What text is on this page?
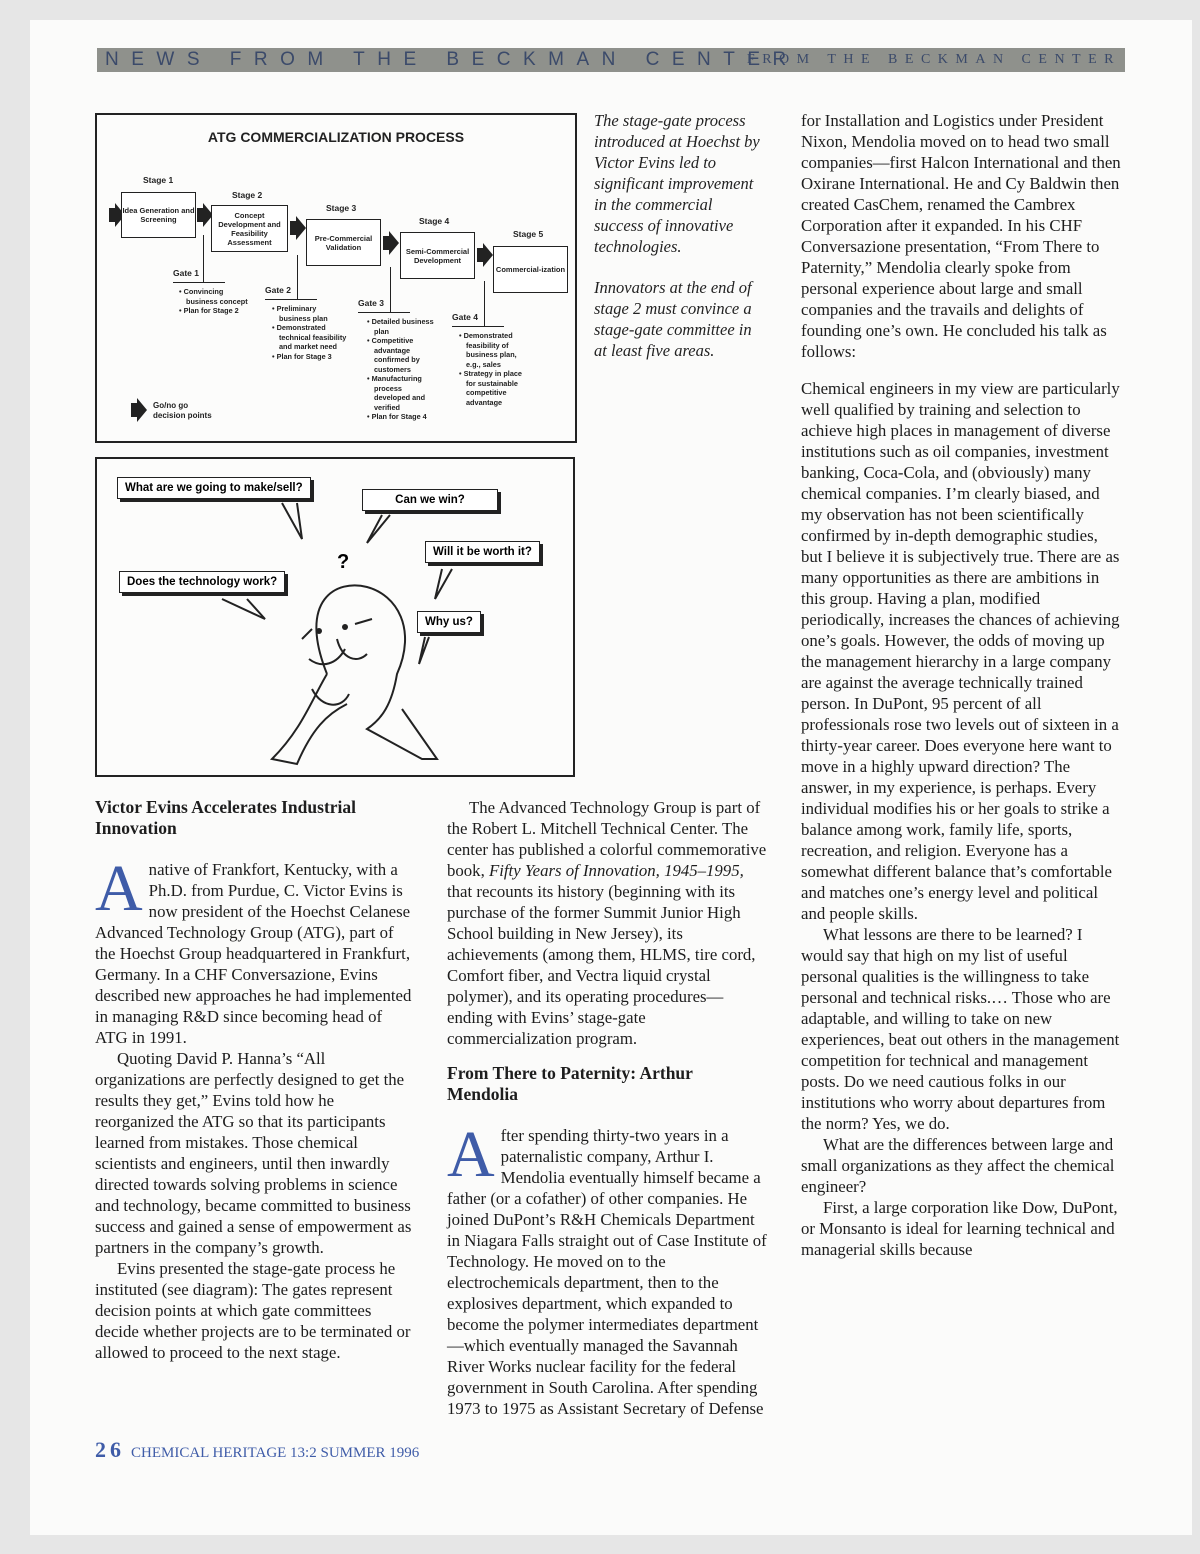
NEWS FROM THE BECKMAN CENTER
FROM THE BECKMAN CENTER
ATG COMMERCIALIZATION PROCESS
Stage 1
Idea Generation and Screening
Stage 2
Concept Development and Feasibility Assessment
Stage 3
Pre-Commercial Validation
Stage 4
Semi-Commercial Development
Stage 5
Commercial-ization
Gate 1
• Convincing business concept
• Plan for Stage 2
Gate 2
• Preliminary business plan
• Demonstrated technical feasibility and market need
• Plan for Stage 3
Gate 3
• Detailed business plan
• Competitive advantage confirmed by customers
• Manufacturing process developed and verified
• Plan for Stage 4
Gate 4
• Demonstrated feasibility of business plan, e.g., sales
• Strategy in place for sustainable competitive advantage
Go/no go decision points
What are we going to make/sell?
Can we win?
Will it be worth it?
Does the technology work?
Why us?
?

The stage-gate process introduced at Hoechst by Victor Evins led to significant improvement in the commercial success of innovative technologies.

Innovators at the end of stage 2 must convince a stage-gate committee in at least five areas.

Victor Evins Accelerates Industrial Innovation

Anative of Frankfort, Kentucky, with a Ph.D. from Purdue, C. Victor Evins is now president of the Hoechst Celanese Advanced Technology Group (ATG), part of the Hoechst Group headquartered in Frankfurt, Germany. In a CHF Conversazione, Evins described new approaches he had implemented in managing R&D since becoming head of ATG in 1991.

Quoting David P. Hanna’s “All organizations are perfectly designed to get the results they get,” Evins told how he reorganized the ATG so that its participants learned from mistakes. Those chemical scientists and engineers, until then inwardly directed towards solving problems in science and technology, became committed to business success and gained a sense of empowerment as partners in the company’s growth.

Evins presented the stage-gate process he instituted (see diagram): The gates represent decision points at which gate committees decide whether projects are to be terminated or allowed to proceed to the next stage.

The Advanced Technology Group is part of the Robert L. Mitchell Technical Center. The center has published a colorful commemorative book, Fifty Years of Innovation, 1945–1995, that recounts its history (beginning with its purchase of the former Summit Junior High School building in New Jersey), its achievements (among them, HLMS, tire cord, Comfort fiber, and Vectra liquid crystal polymer), and its operating procedures—ending with Evins’ stage-gate commercialization program.

From There to Paternity: Arthur Mendolia

After spending thirty-two years in a paternalistic company, Arthur I. Mendolia eventually himself became a father (or a cofather) of other companies. He joined DuPont’s R&H Chemicals Department in Niagara Falls straight out of Case Institute of Technology. He moved on to the electrochemicals department, then to the explosives department, which expanded to become the polymer intermediates department—which eventually managed the Savannah River Works nuclear facility for the federal government in South Carolina. After spending 1973 to 1975 as Assistant Secretary of Defense

for Installation and Logistics under President Nixon, Mendolia moved on to head two small companies—first Halcon International and then Oxirane International. He and Cy Baldwin then created CasChem, renamed the Cambrex Corporation after it expanded. In his CHF Conversazione presentation, “From There to Paternity,” Mendolia clearly spoke from personal experience about large and small companies and the travails and delights of founding one’s own. He concluded his talk as follows:

Chemical engineers in my view are particularly well qualified by training and selection to achieve high places in management of diverse institutions such as oil companies, investment banking, Coca-Cola, and (obviously) many chemical companies. I’m clearly biased, and my observation has not been scientifically confirmed by in-depth demographic studies, but I believe it is subjectively true. There are as many opportunities as there are ambitions in this group. Having a plan, modified periodically, increases the chances of achieving one’s goals. However, the odds of moving up the management hierarchy in a large company are against the average technically trained person. In DuPont, 95 percent of all professionals rose two levels out of sixteen in a thirty-year career. Does everyone here want to move in a highly upward direction? The answer, in my experience, is perhaps. Every individual modifies his or her goals to strike a balance among work, family life, sports, recreation, and religion. Everyone has a somewhat different balance that’s comfortable and matches one’s energy level and political and people skills.

What lessons are there to be learned? I would say that high on my list of useful personal qualities is the willingness to take personal and technical risks.… Those who are adaptable, and willing to take on new experiences, beat out others in the management competition for technical and management posts. Do we need cautious folks in our institutions who worry about departures from the norm? Yes, we do.

What are the differences between large and small organizations as they affect the chemical engineer?

First, a large corporation like Dow, DuPont, or Monsanto is ideal for learning technical and managerial skills because

26 CHEMICAL HERITAGE 13:2 SUMMER 1996
